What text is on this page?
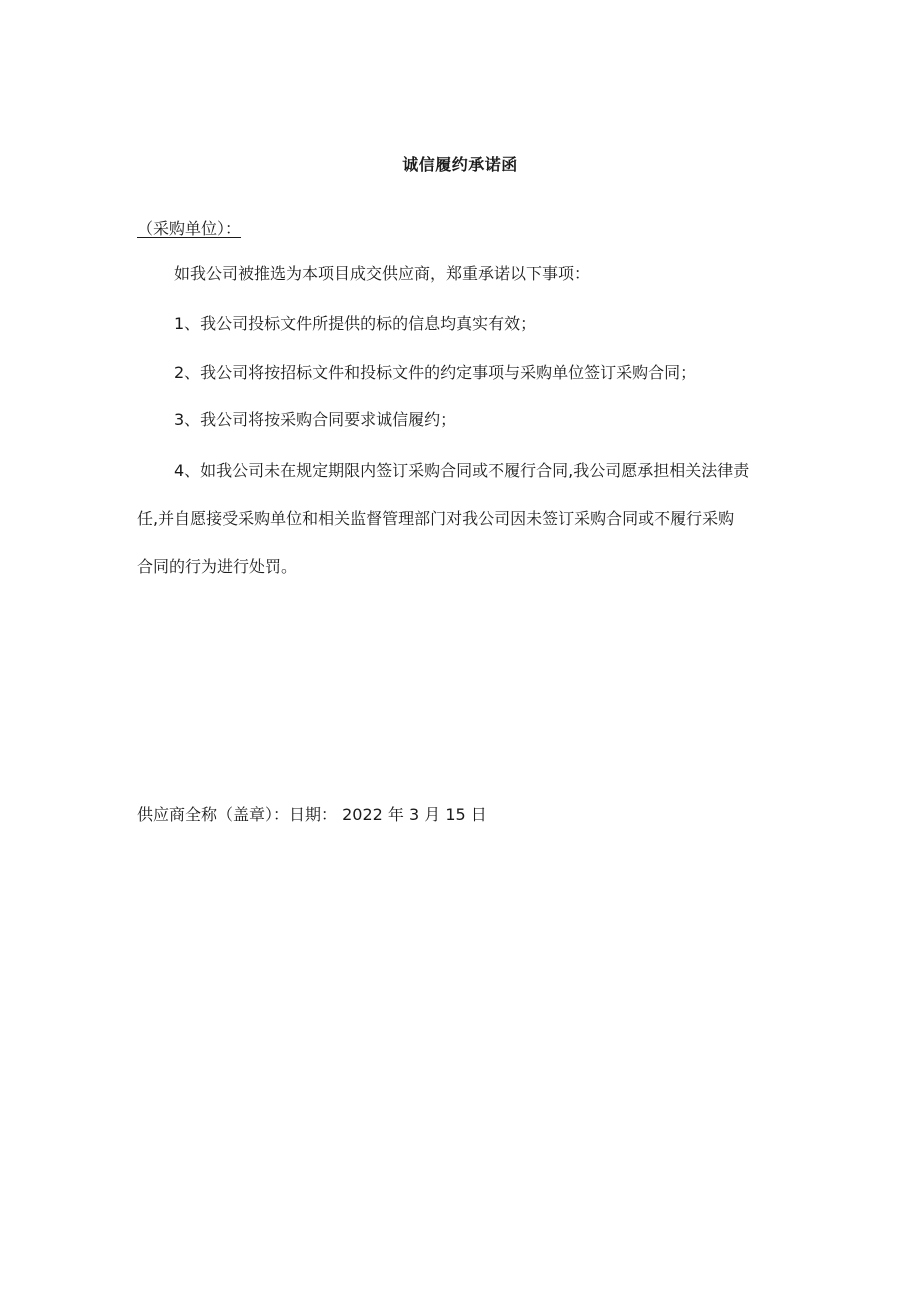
诚信履约承诺函
（采购单位）：
如我公司被推选为本项目成交供应商，郑重承诺以下事项：
1、我公司投标文件所提供的标的信息均真实有效；
2、我公司将按招标文件和投标文件的约定事项与采购单位签订采购合同；
3、我公司将按采购合同要求诚信履约；
4、如我公司未在规定期限内签订采购合同或不履行合同,我公司愿承担相关法律责
任,并自愿接受采购单位和相关监督管理部门对我公司因未签订采购合同或不履行采购
合同的行为进行处罚。
供应商全称（盖章）：日期： 2022 年 3 月 15 日
